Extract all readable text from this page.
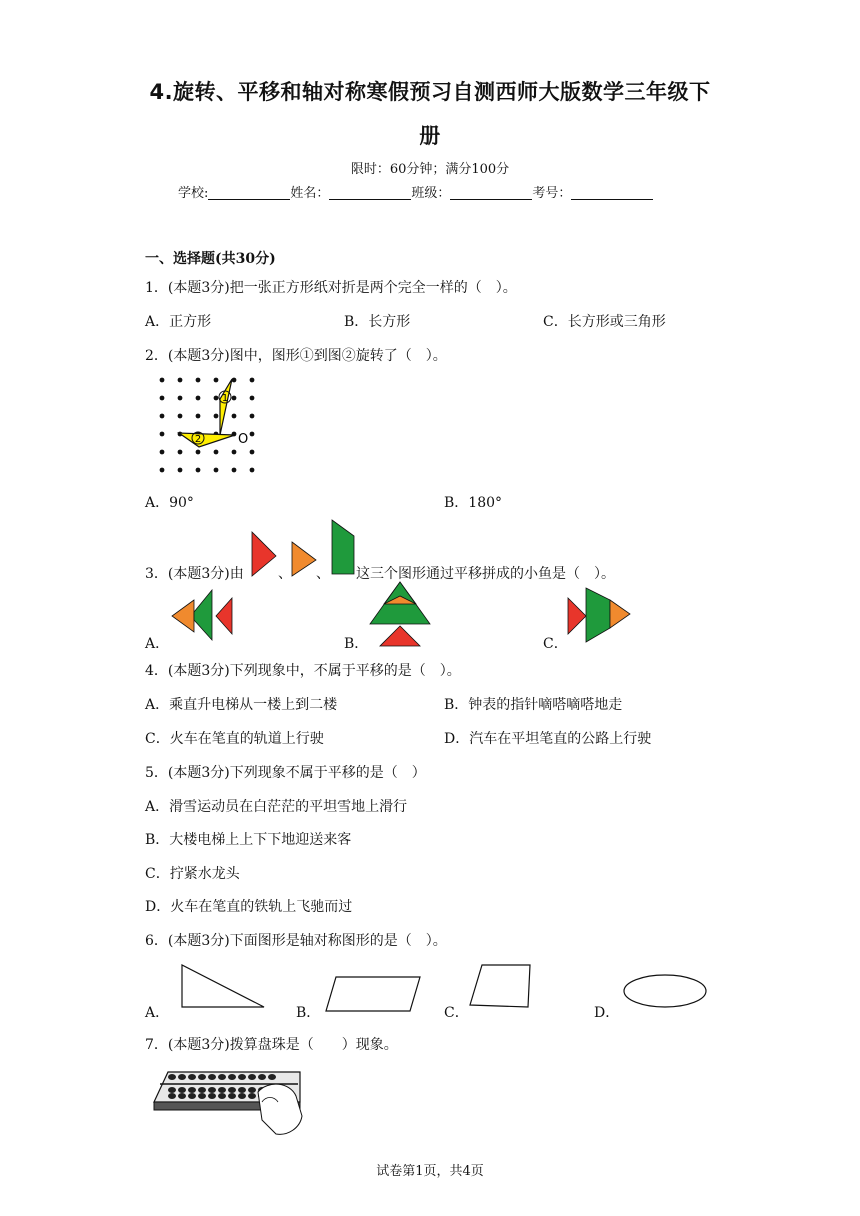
4.旋转、平移和轴对称寒假预习自测西师大版数学三年级下
册
限时：60分钟；满分100分
学校:	姓名：	班级：	考号：
一、选择题(共30分)
1．(本题3分)把一张正方形纸对折是两个完全一样的（　）。
A．正方形	B．长方形	C．长方形或三角形
2．(本题3分)图中，图形①到图②旋转了（　）。
1
2	O
A．90°	B．180°
3．(本题3分)由 、 、 这三个图形通过平移拼成的小鱼是（　）。
A．	B．	C．
4．(本题3分)下列现象中，不属于平移的是（　）。
A．乘直升电梯从一楼上到二楼	B．钟表的指针嘀嗒嘀嗒地走
C．火车在笔直的轨道上行驶	D．汽车在平坦笔直的公路上行驶
5．(本题3分)下列现象不属于平移的是（　）
A．滑雪运动员在白茫茫的平坦雪地上滑行
B．大楼电梯上上下下地迎送来客
C．拧紧水龙头
D．火车在笔直的铁轨上飞驰而过
6．(本题3分)下面图形是轴对称图形的是（　）。
A．	B．	C．	D．
7．(本题3分)拨算盘珠是（　　）现象。
试卷第1页，共4页
